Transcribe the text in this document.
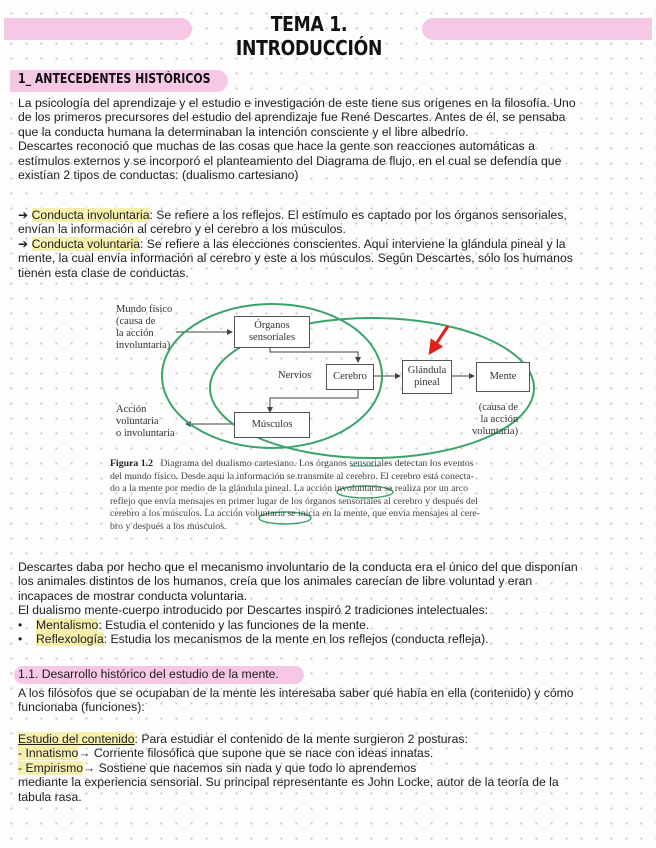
TEMA 1. INTRODUCCIÓN
1_ ANTECEDENTES HISTÓRICOS

La psicología del aprendizaje y el estudio e investigación de este tiene sus orígenes en la filosofía. Uno

de los primeros precursores del estudio del aprendizaje fue René Descartes. Antes de él, se pensaba

que la conducta humana la determinaban la intención consciente y el libre albedrío.

Descartes reconoció que muchas de las cosas que hace la gente son reacciones automáticas a

estímulos externos y se incorporó el planteamiento del Diagrama de flujo, en el cual se defendía que

existían 2 tipos de conductas: (dualismo cartesiano)

➔ Conducta involuntaria: Se refiere a los reflejos. El estímulo es captado por los órganos sensoriales,

envían la información al cerebro y el cerebro a los músculos.

➔ Conducta voluntaria: Se refiere a las elecciones conscientes. Aquí interviene la glándula pineal y la

mente, la cual envía información al cerebro y este a los músculos. Según Descartes, sólo los humanos

tienen esta clase de conductas.

Mundo físico
(causa de
la acción
involuntaria)
Órganos
sensoriales
Nervios	Cerebro
Glándula
pineal
Mente
Acción
voluntaria
o involuntaria
Músculos
(causa de
la acción
voluntaria)
Figura 1.2 Diagrama del dualismo cartesiano. Los órganos sensoriales detectan los eventos
del mundo físico. Desde aquí la información se transmite al cerebro. El cerebro está conecta-
do a la mente por medio de la glándula pineal. La acción involuntaria se realiza por un arco
reflejo que envía mensajes en primer lugar de los órganos sensoriales al cerebro y después del
cerebro a los músculos. La acción voluntaria se inicia en la mente, que envía mensajes al cere-
bro y después a los músculos.

Descartes daba por hecho que el mecanismo involuntario de la conducta era el único del que disponían

los animales distintos de los humanos, creía que los animales carecían de libre voluntad y eran

incapaces de mostrar conducta voluntaria.

El dualismo mente-cuerpo introducido por Descartes inspiró 2 tradiciones intelectuales:

• Mentalismo: Estudia el contenido y las funciones de la mente.
• Reflexología: Estudia los mecanismos de la mente en los reflejos (conducta refleja).
1.1. Desarrollo histórico del estudio de la mente.

A los filósofos que se ocupaban de la mente les interesaba saber qué había en ella (contenido) y cómo

funcionaba (funciones):

Estudio del contenido: Para estudiar el contenido de la mente surgieron 2 posturas:

- Innatismo→ Corriente filosófica que supone que se nace con ideas innatas.

- Empirismo→ Sostiene que nacemos sin nada y que todo lo aprendemos

mediante la experiencia sensorial. Su principal representante es John Locke, autor de la teoría de la

tabula rasa.
